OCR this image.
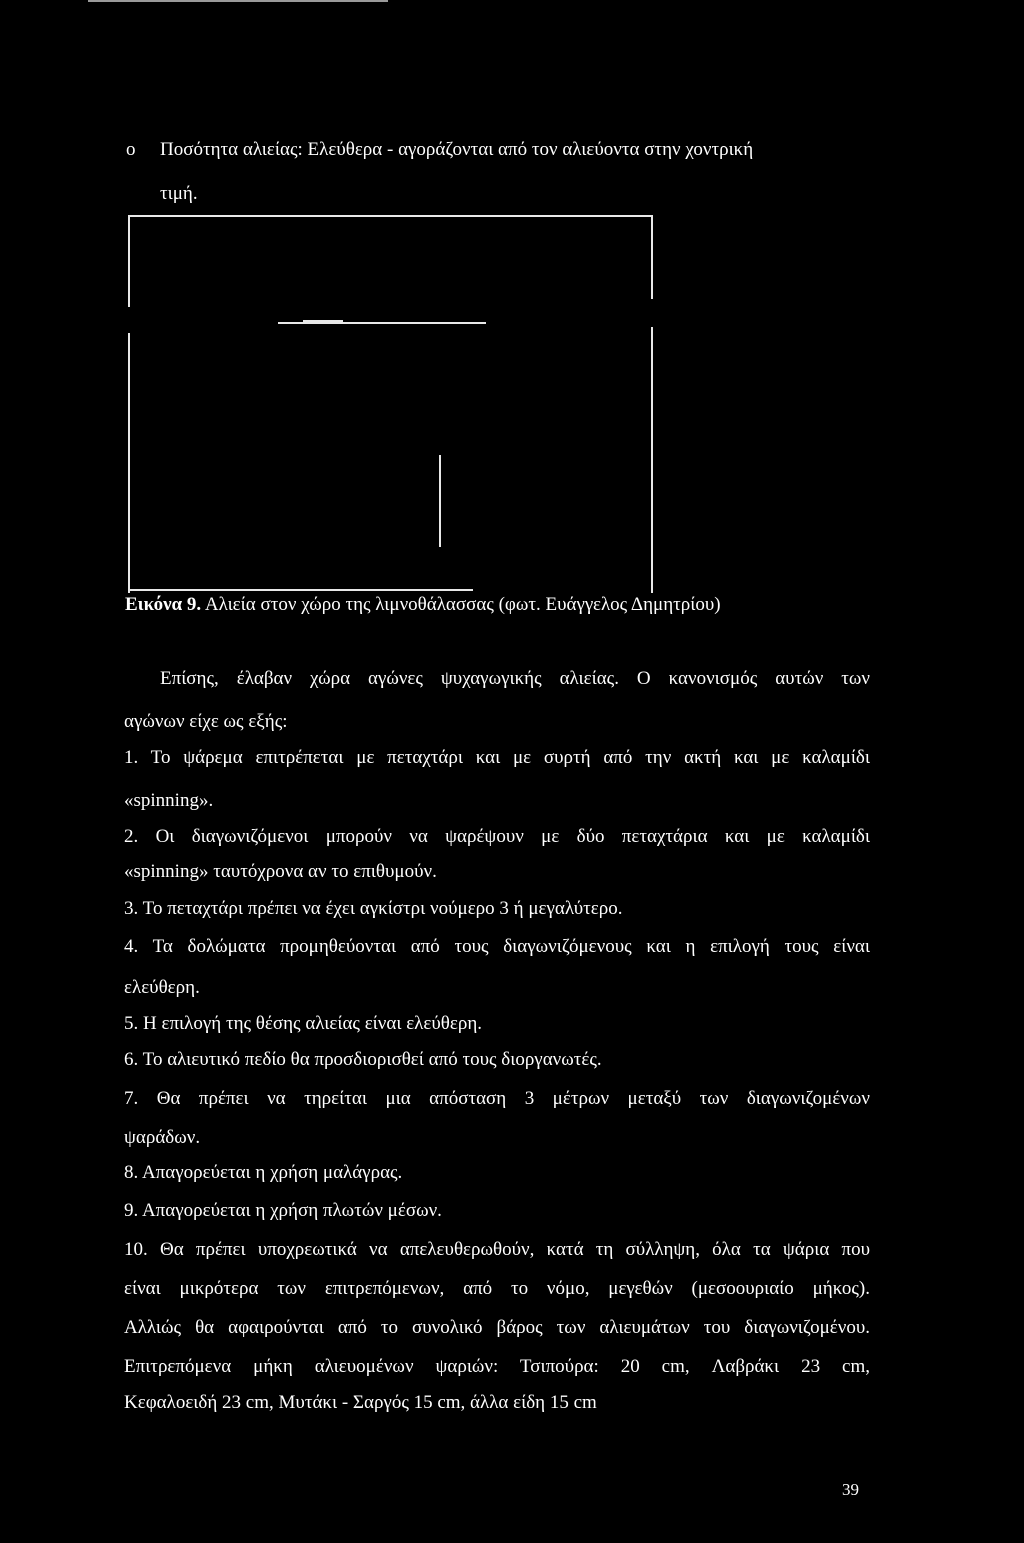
o Ποσότητα αλιείας: Ελεύθερα - αγοράζονται από τον αλιεύοντα στην χοντρική
τιμή.
Εικόνα 9. Αλιεία στον χώρο της λιμνοθάλασσας (φωτ. Ευάγγελος Δημητρίου)
Επίσης, έλαβαν χώρα αγώνες ψυχαγωγικής αλιείας. Ο κανονισμός αυτών των
αγώνων είχε ως εξής:
1. Το ψάρεμα επιτρέπεται με πεταχτάρι και με συρτή από την ακτή και με καλαμίδι
«spinning».
2. Οι διαγωνιζόμενοι μπορούν να ψαρέψουν με δύο πεταχτάρια και με καλαμίδι
«spinning» ταυτόχρονα αν το επιθυμούν.
3. Το πεταχτάρι πρέπει να έχει αγκίστρι νούμερο 3 ή μεγαλύτερο.
4. Τα δολώματα προμηθεύονται από τους διαγωνιζόμενους και η επιλογή τους είναι
ελεύθερη.
5. Η επιλογή της θέσης αλιείας είναι ελεύθερη.
6. Το αλιευτικό πεδίο θα προσδιορισθεί από τους διοργανωτές.
7. Θα πρέπει να τηρείται μια απόσταση 3 μέτρων μεταξύ των διαγωνιζομένων
ψαράδων.
8. Απαγορεύεται η χρήση μαλάγρας.
9. Απαγορεύεται η χρήση πλωτών μέσων.
10. Θα πρέπει υποχρεωτικά να απελευθερωθούν, κατά τη σύλληψη, όλα τα ψάρια που
είναι μικρότερα των επιτρεπόμενων, από το νόμο, μεγεθών (μεσοουριαίο μήκος).
Αλλιώς θα αφαιρούνται από το συνολικό βάρος των αλιευμάτων του διαγωνιζομένου.
Επιτρεπόμενα μήκη αλιευομένων ψαριών: Τσιπούρα: 20 cm, Λαβράκι 23 cm,
Κεφαλοειδή 23 cm, Μυτάκι - Σαργός 15 cm, άλλα είδη 15 cm
39
